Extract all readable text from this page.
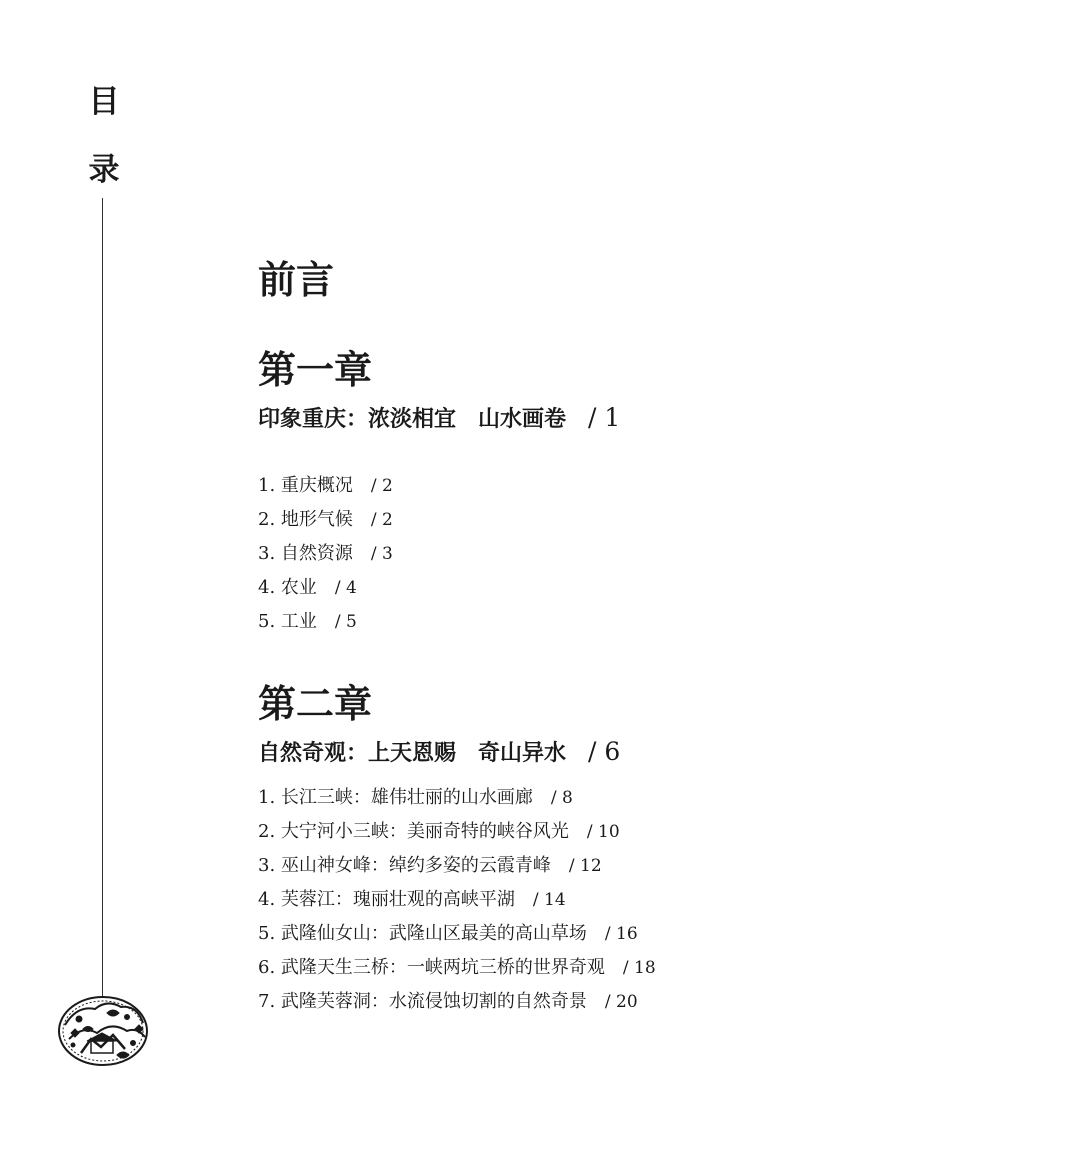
目
录
前言
第一章
印象重庆：浓淡相宜　山水画卷 / 1
1. 重庆概况 / 2
2. 地形气候 / 2
3. 自然资源 / 3
4. 农业 / 4
5. 工业 / 5
第二章
自然奇观：上天恩赐　奇山异水 / 6
1. 长江三峡：雄伟壮丽的山水画廊 / 8
2. 大宁河小三峡：美丽奇特的峡谷风光 / 10
3. 巫山神女峰：绰约多姿的云霞青峰 / 12
4. 芙蓉江：瑰丽壮观的高峡平湖 / 14
5. 武隆仙女山：武隆山区最美的高山草场 / 16
6. 武隆天生三桥：一峡两坑三桥的世界奇观 / 18
7. 武隆芙蓉洞：水流侵蚀切割的自然奇景 / 20
